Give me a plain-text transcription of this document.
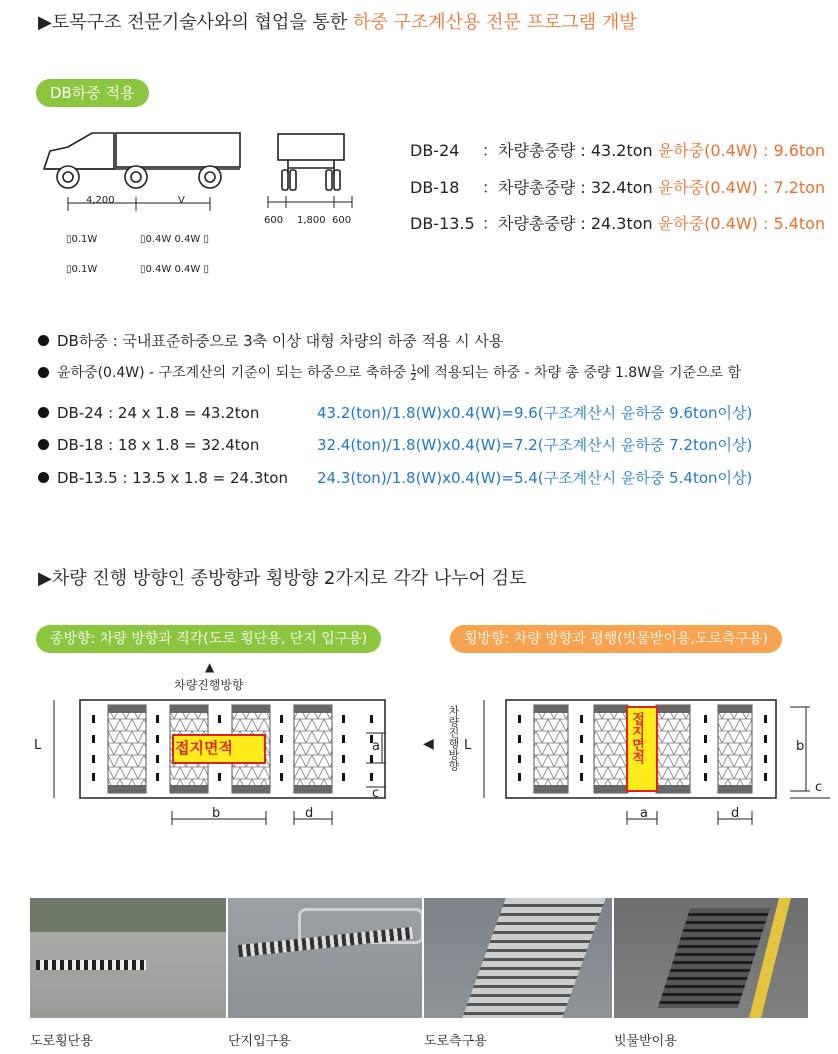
▶토목구조 전문기술사와의 협업을 통한 하중 구조계산용 전문 프로그램 개발
DB하중 적용
4,200	V
▯0.1W	▯0.4W 0.4W ▯
▯0.1W	▯0.4W 0.4W ▯
600 1,800 600
DB-24 ：차량총중량 : 43.2ton 윤하중(0.4W) : 9.6ton
DB-18 ：차량총중량 : 32.4ton 윤하중(0.4W) : 7.2ton
DB-13.5 ：차량총중량 : 24.3ton 윤하중(0.4W) : 5.4ton
DB하중 : 국내표준하중으로 3축 이상 대형 차량의 하중 적용 시 사용
윤하중(0.4W) - 구조계산의 기준이 되는 하중으로 축하중 $\frac{1}{2}$에 적용되는 하중 - 차량 총 중량 1.8W을 기준으로 함
DB-24 : 24 x 1.8 = 43.2ton	43.2(ton)/1.8(W)x0.4(W)=9.6(구조계산시 윤하중 9.6ton이상)
DB-18 : 18 x 1.8 = 32.4ton	32.4(ton)/1.8(W)x0.4(W)=7.2(구조계산시 윤하중 7.2ton이상)
DB-13.5 : 13.5 x 1.8 = 24.3ton 24.3(ton)/1.8(W)x0.4(W)=5.4(구조계산시 윤하중 5.4ton이상)
▶차량 진행 방향인 종방향과 횡방향 2가지로 각각 나누어 검토
종방향: 차량 방향과 직각(도로 횡단용, 단지 입구용)	횡방향: 차량 방향과 평행(빗물받이용,도로측구용)
▲
차량진행방향
접지면적
L	a
c
b	d
차량진행방향
◀	접지면적
L	b
c
a	d
도로횡단용	단지입구용	도로측구용	빗물받이용
